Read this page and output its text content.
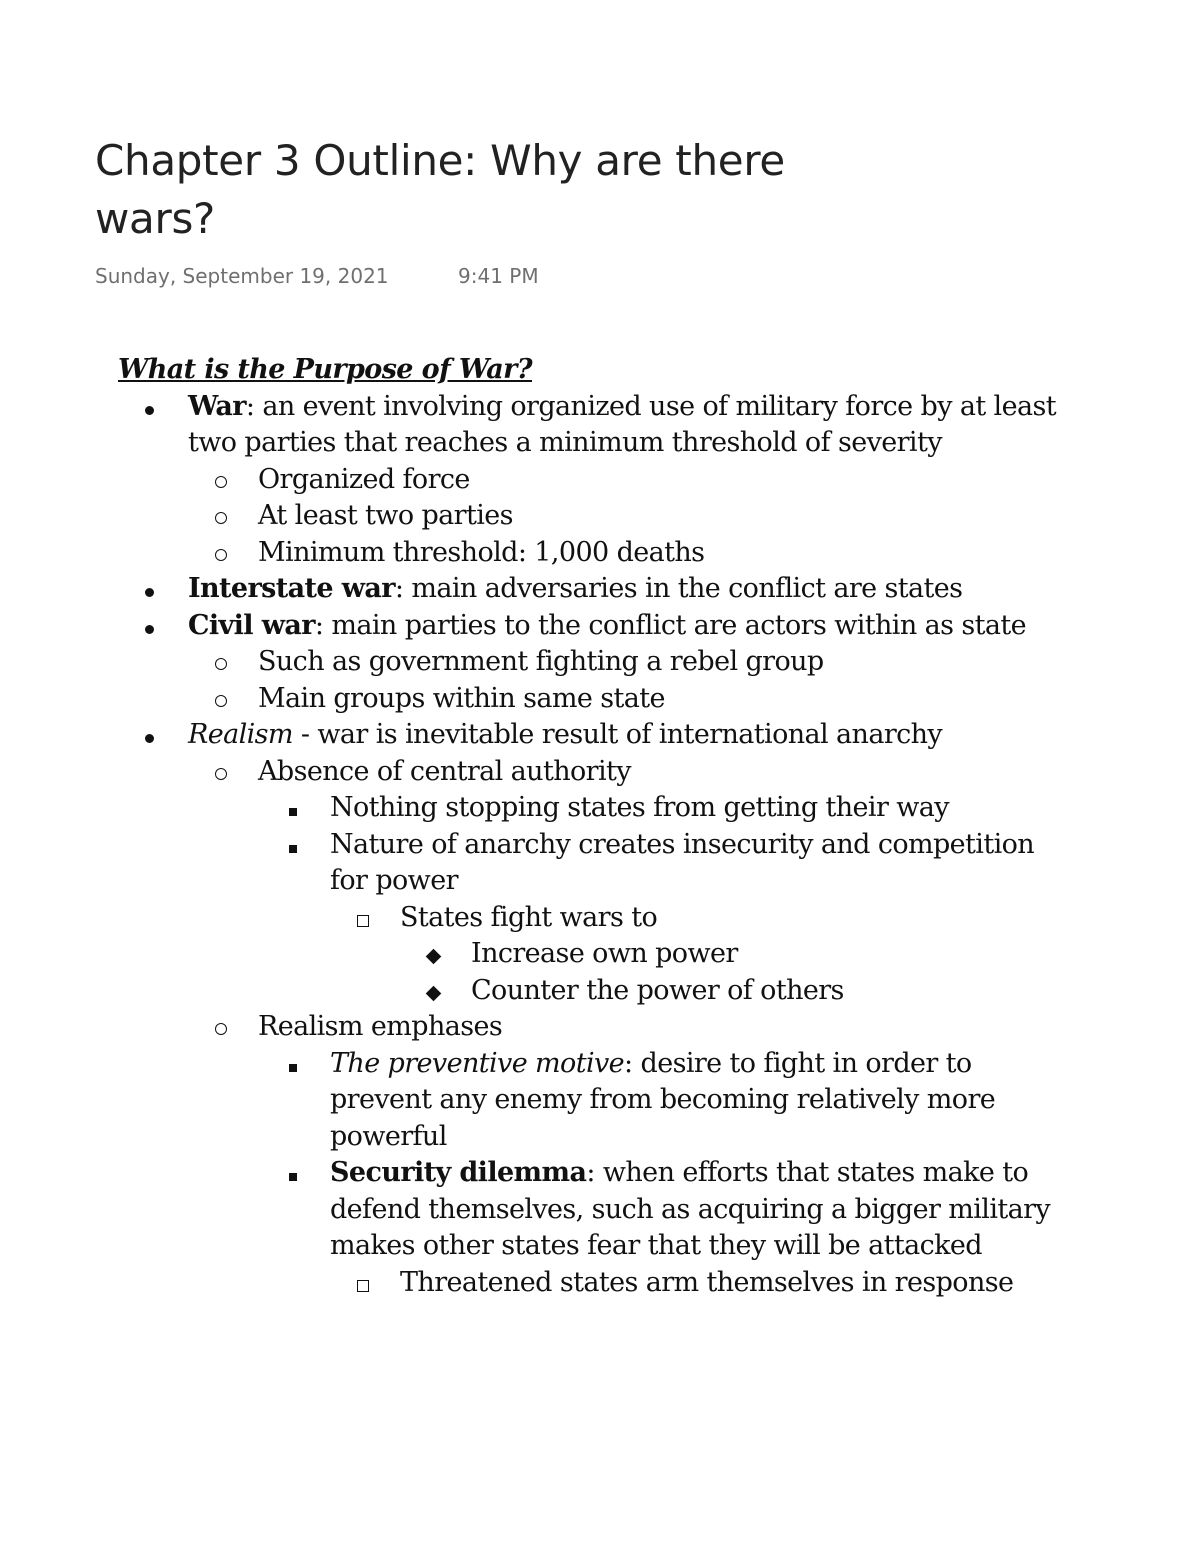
Chapter 3 Outline: Why are there wars?
Sunday, September 19, 2021	9:41 PM
What is the Purpose of War?
War: an event involving organized use of military force by at least two parties that reaches a minimum threshold of severity
Organized force
At least two parties
Minimum threshold: 1,000 deaths
Interstate war: main adversaries in the conflict are states
Civil war: main parties to the conflict are actors within as state
Such as government fighting a rebel group
Main groups within same state
Realism - war is inevitable result of international anarchy
Absence of central authority
Nothing stopping states from getting their way
Nature of anarchy creates insecurity and competition for power
States fight wars to
Increase own power
Counter the power of others
Realism emphases
The preventive motive: desire to fight in order to prevent any enemy from becoming relatively more powerful
Security dilemma: when efforts that states make to defend themselves, such as acquiring a bigger military makes other states fear that they will be attacked
Threatened states arm themselves in response
